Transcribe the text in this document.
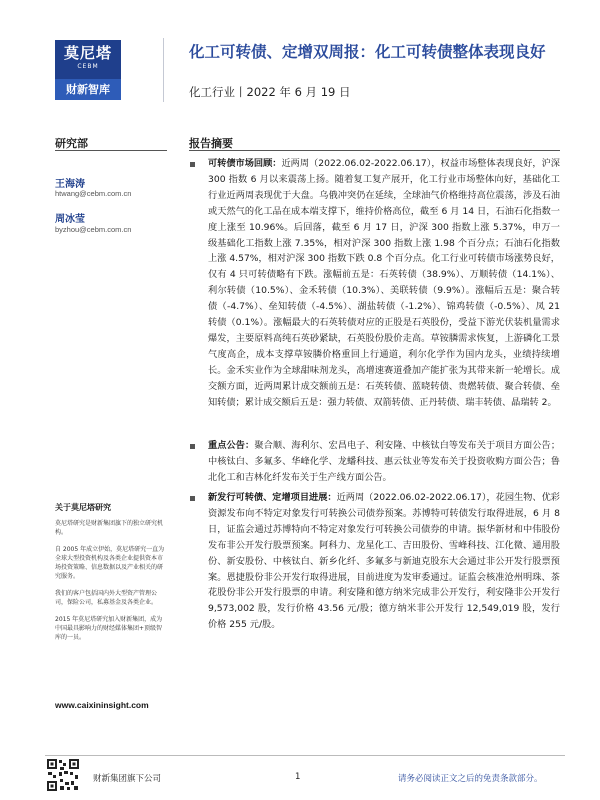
莫尼塔
CEBM
财新智库
化工可转债、定增双周报：化工可转债整体表现良好
化工行业丨2022 年 6 月 19 日
研究部	报告摘要
王海涛
htwang@cebm.com.cn
周冰莹
byzhou@cebm.com.cn
关于莫尼塔研究
莫尼塔研究是财新集团旗下的独立研究机构。
自 2005 年成立伊始，莫尼塔研究一直为全球大型投资机构及各类企业提供资本市场投资策略、信息数据以及产业相关的研究服务。
我们的客户包括国内外大型资产管理公司，保险公司，私募基金及各类企业。
2015 年莫尼塔研究加入财新集团，成为中国最具影响力的财经媒体集团+顶级智库的一员。
www.caixininsight.com
可转债市场回顾：近两周（2022.06.02-2022.06.17），权益市场整体表现良好，沪深 300 指数 6 月以来震荡上扬。随着复工复产展开，化工行业市场整体向好，基础化工行业近两周表现优于大盘。乌俄冲突仍在延续，全球油气价格维持高位震荡，涉及石油或天然气的化工品在成本端支撑下，维持价格高位，截至 6 月 14 日，石油石化指数一度上涨至 10.96%。后回落，截至 6 月 17 日，沪深 300 指数上涨 5.37%，申万一级基础化工指数上涨 7.35%，相对沪深 300 指数上涨 1.98 个百分点；石油石化指数上涨 4.57%，相对沪深 300 指数下跌 0.8 个百分点。化工行业可转债市场涨势良好，仅有 4 只可转债略有下跌。涨幅前五是：石英转债（38.9%）、万顺转债（14.1%）、利尔转债（10.5%）、金禾转债（10.3%）、美联转债（9.9%）。涨幅后五是：聚合转债（-4.7%）、垒知转债（-4.5%）、湖盐转债（-1.2%）、锦鸡转债（-0.5%）、凤 21 转债（0.1%）。涨幅最大的石英转债对应的正股是石英股份，受益下游光伏装机量需求爆发，主要原料高纯石英砂紧缺，石英股份股价走高。草铵膦需求恢复，上游磷化工景气度高企，成本支撑草铵膦价格重回上行通道，利尔化学作为国内龙头，业绩持续增长。金禾实业作为全球甜味剂龙头，高增速赛道叠加产能扩张为其带来新一轮增长。成交额方面，近两周累计成交额前五是：石英转债、蓝晓转债、贵燃转债、聚合转债、垒知转债；累计成交额后五是：强力转债、双箭转债、正丹转债、瑞丰转债、晶瑞转 2。
重点公告：聚合顺、海利尔、宏昌电子、利安隆、中核钛白等发布关于项目方面公告；中核钛白、多氟多、华峰化学、龙蟠科技、惠云钛业等发布关于投资收购方面公告；鲁北化工和吉林化纤发布关于生产线方面公告。
新发行可转债、定增项目进展：近两周（2022.06.02-2022.06.17），花园生物、优彩资源发布向不特定对象发行可转换公司债券预案。苏博特可转债发行取得进展，6 月 8 日，证监会通过苏博特向不特定对象发行可转换公司债券的申请。振华新材和中伟股份发布非公开发行股票预案。阿科力、龙星化工、吉田股份、雪峰科技、江化微、通用股份、新安股份、中核钛白、新乡化纤、多氟多与新迪克股东大会通过非公开发行股票预案。恩捷股份非公开发行取得进展，目前进度为发审委通过。证监会核准沧州明珠、茶花股份非公开发行股票的申请。利安隆和德方纳米完成非公开发行，利安隆非公开发行 9,573,002 股，发行价格 43.56 元/股；德方纳米非公开发行 12,549,019 股，发行价格 255 元/股。
财新集团旗下公司	1	请务必阅读正文之后的免责条款部分。
